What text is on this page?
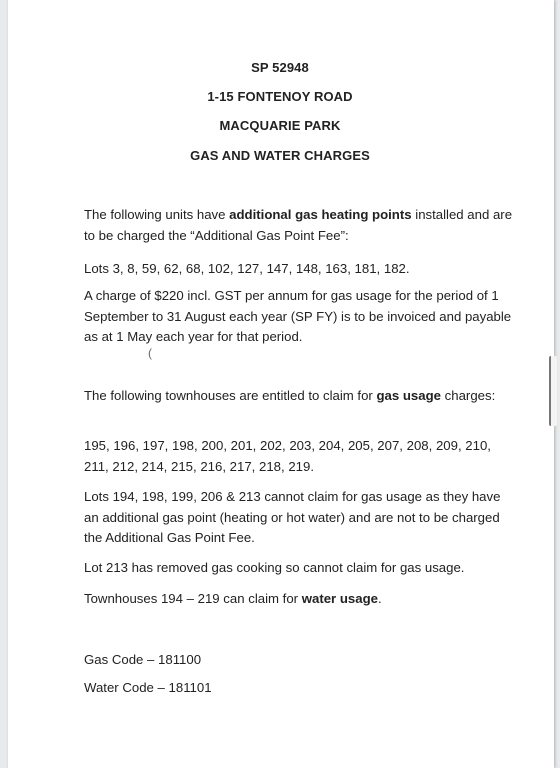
(
SP 52948
1-15 FONTENOY ROAD
MACQUARIE PARK
GAS AND WATER CHARGES

The following units have additional gas heating points installed and are to be charged the “Additional Gas Point Fee”:

Lots 3, 8, 59, 62, 68, 102, 127, 147, 148, 163, 181, 182.

A charge of $220 incl. GST per annum for gas usage for the period of 1 September to 31 August each year (SP FY) is to be invoiced and payable as at 1 May each year for that period.

The following townhouses are entitled to claim for gas usage charges:

195, 196, 197, 198, 200, 201, 202, 203, 204, 205, 207, 208, 209, 210, 211, 212, 214, 215, 216, 217, 218, 219.

Lots 194, 198, 199, 206 & 213 cannot claim for gas usage as they have an additional gas point (heating or hot water) and are not to be charged the Additional Gas Point Fee.

Lot 213 has removed gas cooking so cannot claim for gas usage.

Townhouses 194 – 219 can claim for water usage.

Gas Code – 181100

Water Code – 181101
